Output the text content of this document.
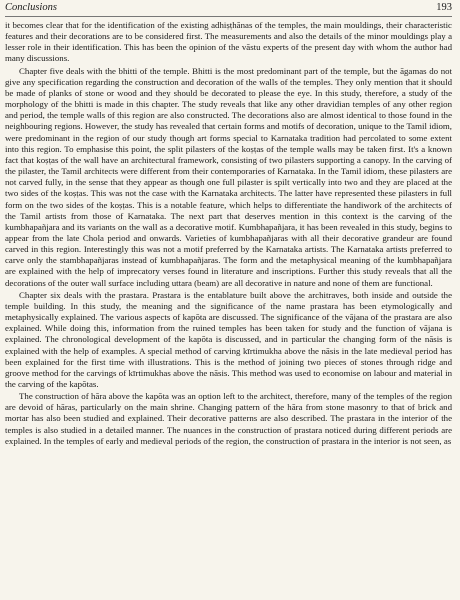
Conclusions	193

it becomes clear that for the identification of the existing adhiṣṭhānas of the temples, the main mouldings, their characteristic features and their decorations are to be considered first. The measurements and also the details of the minor mouldings play a lesser role in their identification. This has been the opinion of the vāstu experts of the present day with whom the author had many discussions.

Chapter five deals with the bhitti of the temple. Bhitti is the most predominant part of the temple, but the āgamas do not give any specification regarding the construction and decoration of the walls of the temples. They only mention that it should be made of planks of stone or wood and they should be decorated to please the eye. In this study, therefore, a study of the morphology of the bhitti is made in this chapter. The study reveals that like any other dravidian temples of any other region and period, the temple walls of this region are also constructed. The decorations also are almost identical to those found in the neighbouring regions. However, the study has revealed that certain forms and motifs of decoration, unique to the Tamil idiom, were predominant in the region of our study though art forms special to Karnataka tradition had percolated to some extent into this region. To emphasise this point, the split pilasters of the koṣṭas of the temple walls may be taken first. It's a known fact that koṣṭas of the wall have an architectural framework, consisting of two pilasters supporting a canopy. In the carving of the pilaster, the Tamil architects were different from their contemporaries of Karnataka. In the Tamil idiom, these pilasters are not carved fully, in the sense that they appear as though one full pilaster is spilt vertically into two and they are placed at the two sides of the koṣṭas. This was not the case with the Karnataka architects. The latter have represented these pilasters in full form on the two sides of the koṣṭas. This is a notable feature, which helps to differentiate the handiwork of the architects of the Tamil artists from those of Karnataka. The next part that deserves mention in this context is the carving of the kumbhapañjara and its variants on the wall as a decorative motif. Kumbhapañjara, it has been revealed in this study, begins to appear from the late Chola period and onwards. Varieties of kumbhapañjaras with all their decorative grandeur are found carved in this region. Interestingly this was not a motif preferred by the Karnataka artists. The Karnataka artists preferred to carve only the stambhapañjaras instead of kumbhapañjaras. The form and the metaphysical meaning of the kumbhapañjara are explained with the help of imprecatory verses found in literature and inscriptions. Further this study reveals that all the decorations of the outer wall surface including uttara (beam) are all decorative in nature and none of them are functional.

Chapter six deals with the prastara. Prastara is the entablature built above the architraves, both inside and outside the temple building. In this study, the meaning and the significance of the name prastara has been etymologically and metaphysically explained. The various aspects of kapōta are discussed. The significance of the vājana of the prastara are also explained. While doing this, information from the ruined temples has been taken for study and the function of vājana is explained. The chronological development of the kapōta is discussed, and in particular the changing form of the nāsis is explained with the help of examples. A special method of carving kīrtimukha above the nāsis in the late medieval period has been explained for the first time with illustrations. This is the method of joining two pieces of stones through ridge and groove method for the carvings of kīrtimukhas above the nāsis. This method was used to economise on labour and material in the carving of the kapōtas.

The construction of hāra above the kapōta was an option left to the architect, therefore, many of the temples of the region are devoid of hāras, particularly on the main shrine. Changing pattern of the hāra from stone masonry to that of brick and mortar has also been studied and explained. Their decorative patterns are also described. The prastara in the interior of the temples is also studied in a detailed manner. The nuances in the construction of prastara noticed during different periods are explained. In the temples of early and medieval periods of the region, the construction of prastara in the interior is not seen, as
